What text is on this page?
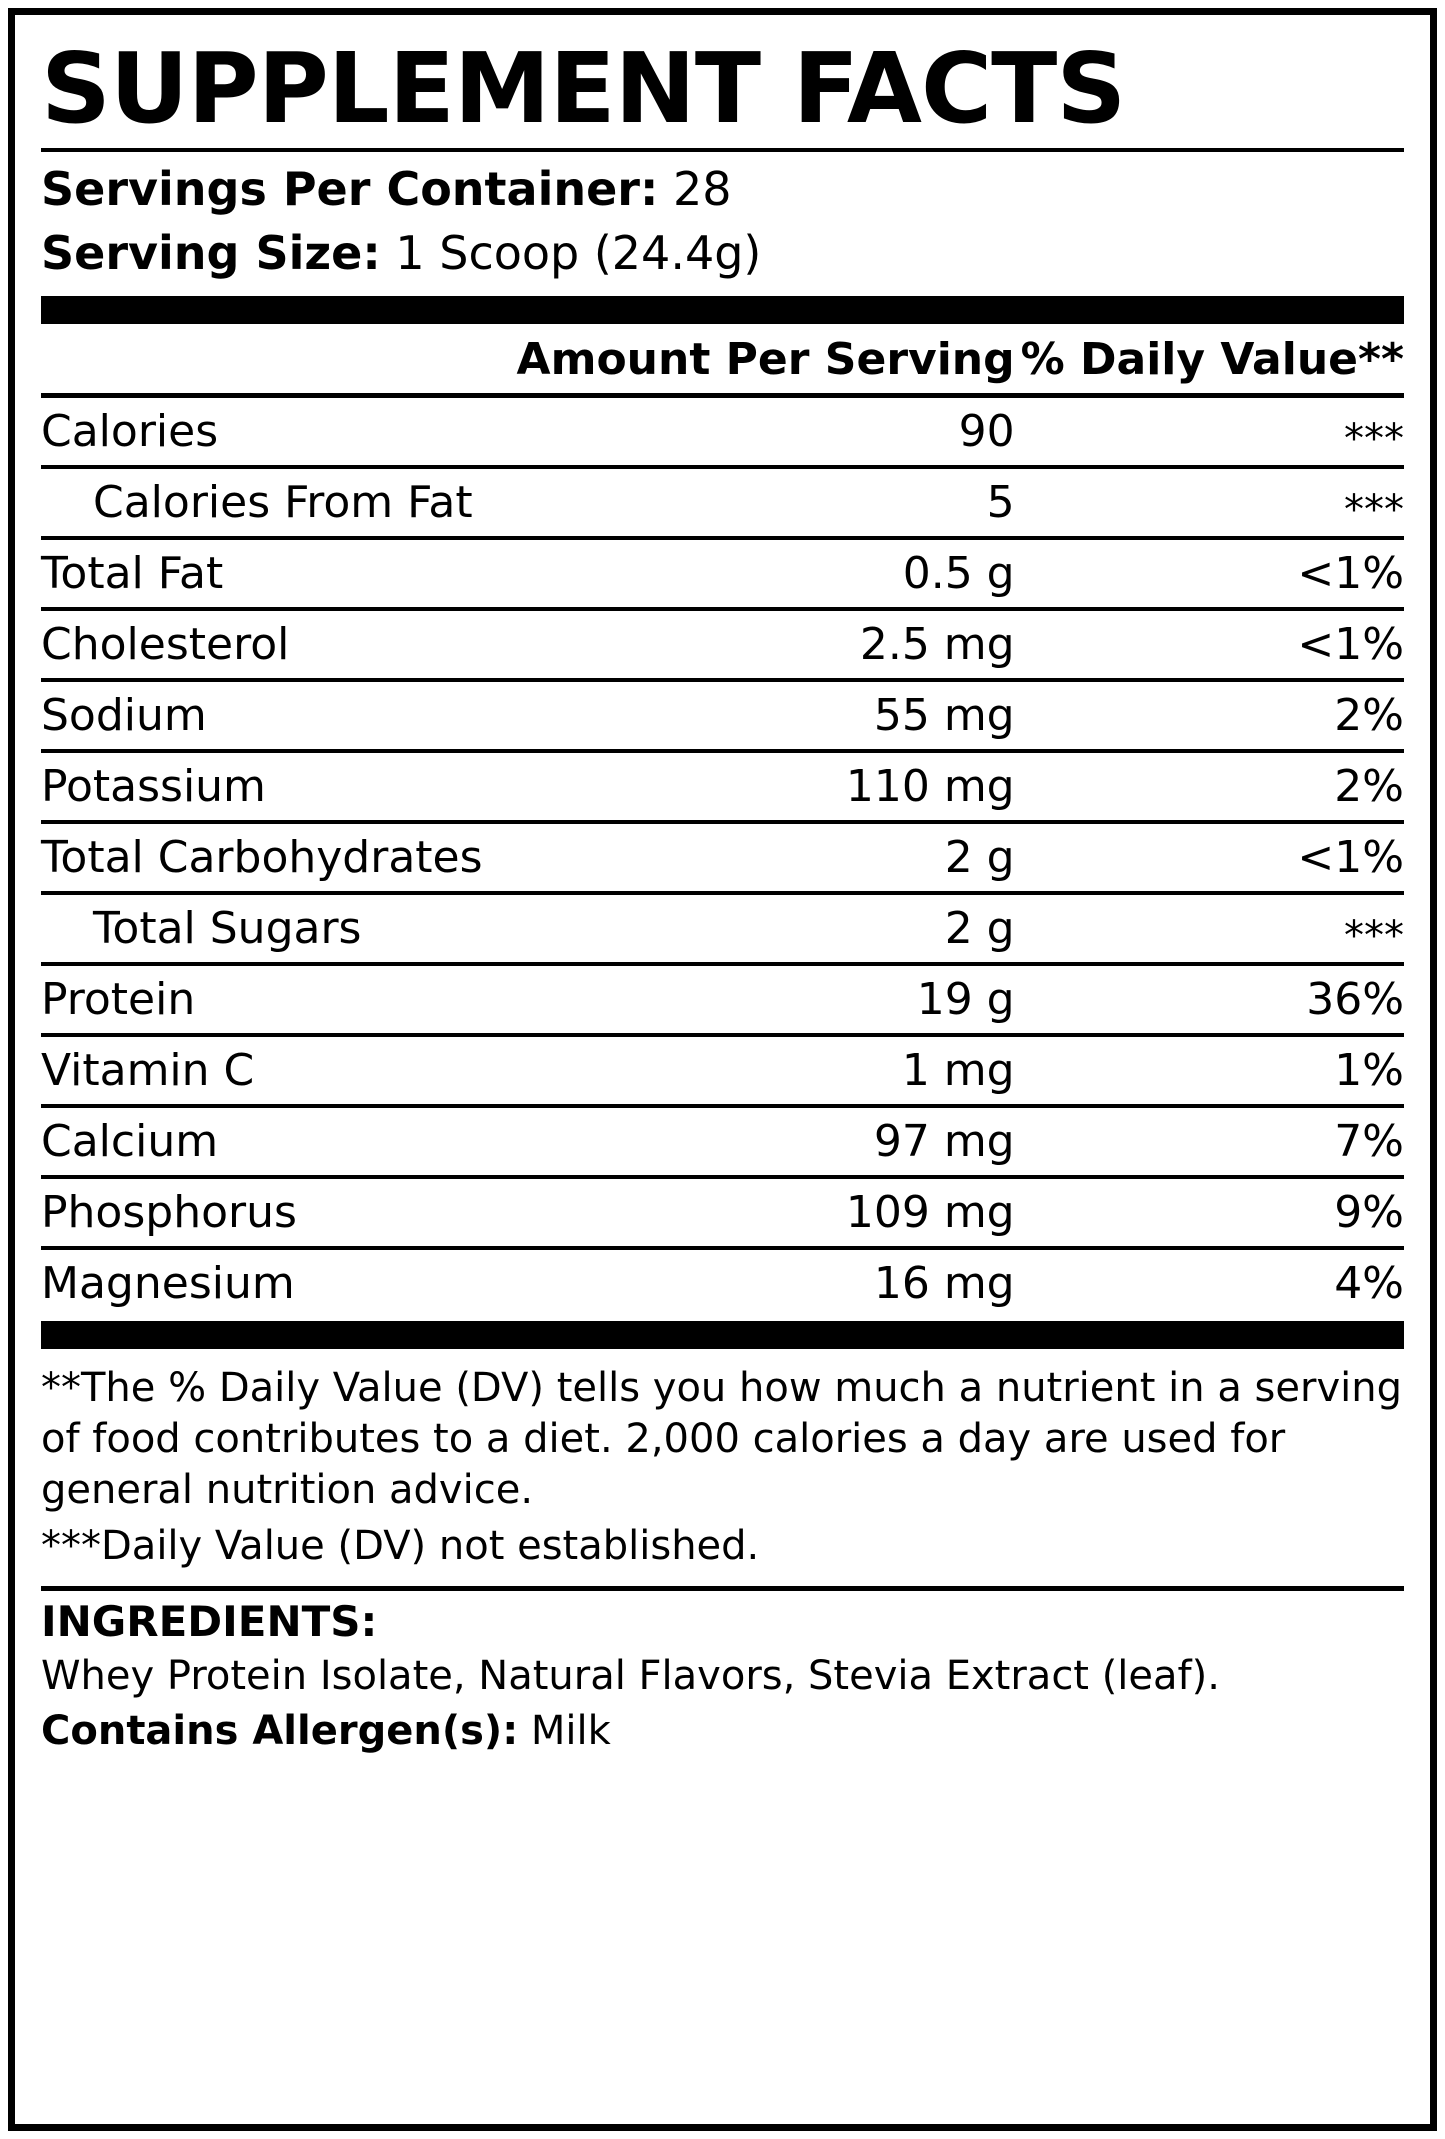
SUPPLEMENT FACTS
Servings Per Container: 28
Serving Size: 1 Scoop (24.4g)
	Amount Per Serving	% Daily Value**
Calories	90	***
Calories From Fat	5	***
Total Fat	0.5 g	<1%
Cholesterol	2.5 mg	<1%
Sodium	55 mg	2%
Potassium	110 mg	2%
Total Carbohydrates	2 g	<1%
Total Sugars	2 g	***
Protein	19 g	36%
Vitamin C	1 mg	1%
Calcium	97 mg	7%
Phosphorus	109 mg	9%
Magnesium	16 mg	4%

**The % Daily Value (DV) tells you how much a nutrient in a serving of food contributes to a diet. 2,000 calories a day are used for general nutrition advice.

***Daily Value (DV) not established.

INGREDIENTS:
Whey Protein Isolate, Natural Flavors, Stevia Extract (leaf).
Contains Allergen(s): Milk
